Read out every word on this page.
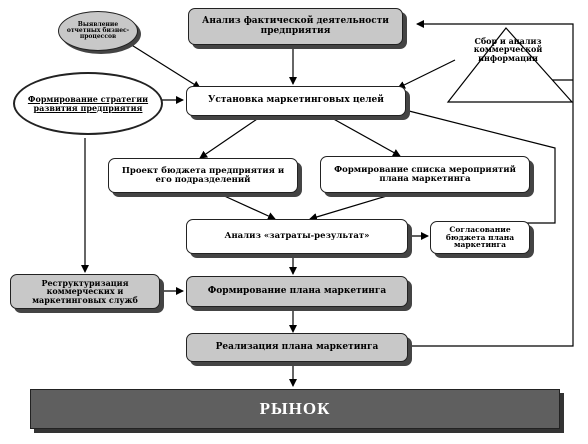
Анализ фактической деятельности предприятия
Выявление отчетных бизнес-процессов
Формирование стратегии развития предприятия
Сбор и анализ коммерческой информации
Установка маркетинговых целей
Проект бюджета предприятия и его подразделений
Формирование списка мероприятий плана маркетинга
Анализ «затраты-результат»
Согласование бюджета плана маркетинга
Реструктуризация коммерческих и маркетинговых служб
Формирование плана маркетинга
Реализация плана маркетинга
РЫНОК
